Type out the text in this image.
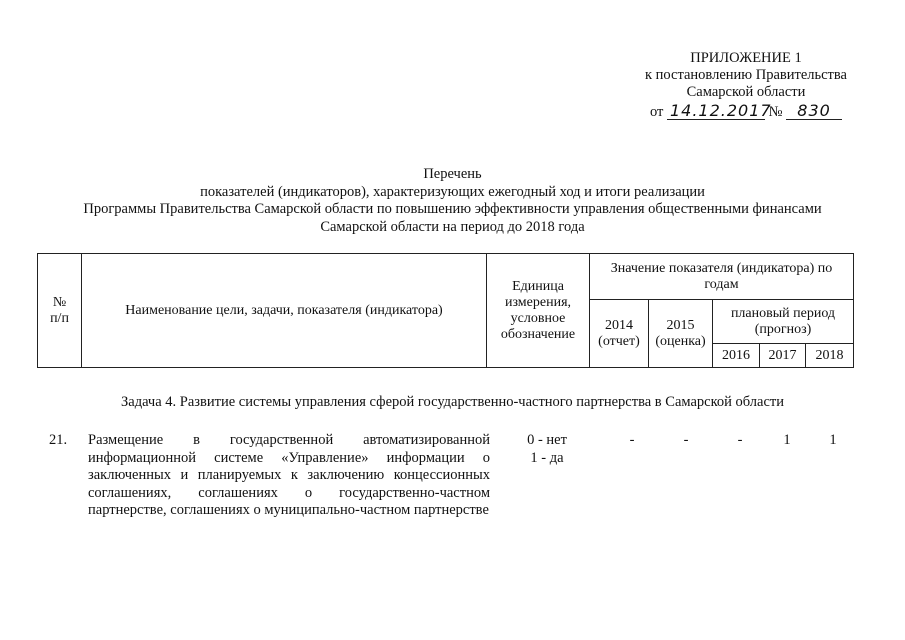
ПРИЛОЖЕНИЕ 1
к постановлению Правительства
Самарской области
от 14.12.2017 № 830
Перечень
показателей (индикаторов), характеризующих ежегодный ход и итоги реализации
Программы Правительства Самарской области по повышению эффективности управления общественными финансами
Самарской области на период до 2018 года
№
п/п	Наименование цели, задачи, показателя (индикатора)	Единица измерения, условное обозначение	Значение показателя (индикатора) по годам				
			2014 (отчет)	2015 (оценка)	плановый период (прогноз)		
					2016	2017	2018
Задача 4. Развитие системы управления сферой государственно-частного партнерства в Самарской области
21. Размещение в государственной автоматизированной информационной системе «Управление» информации о заключенных и планируемых к заключению концессионных соглашениях, соглашениях о государственно-частном партнерстве, соглашениях о муниципально-частном партнерстве
0 - нет
1 - да
-	-	-	1	1
